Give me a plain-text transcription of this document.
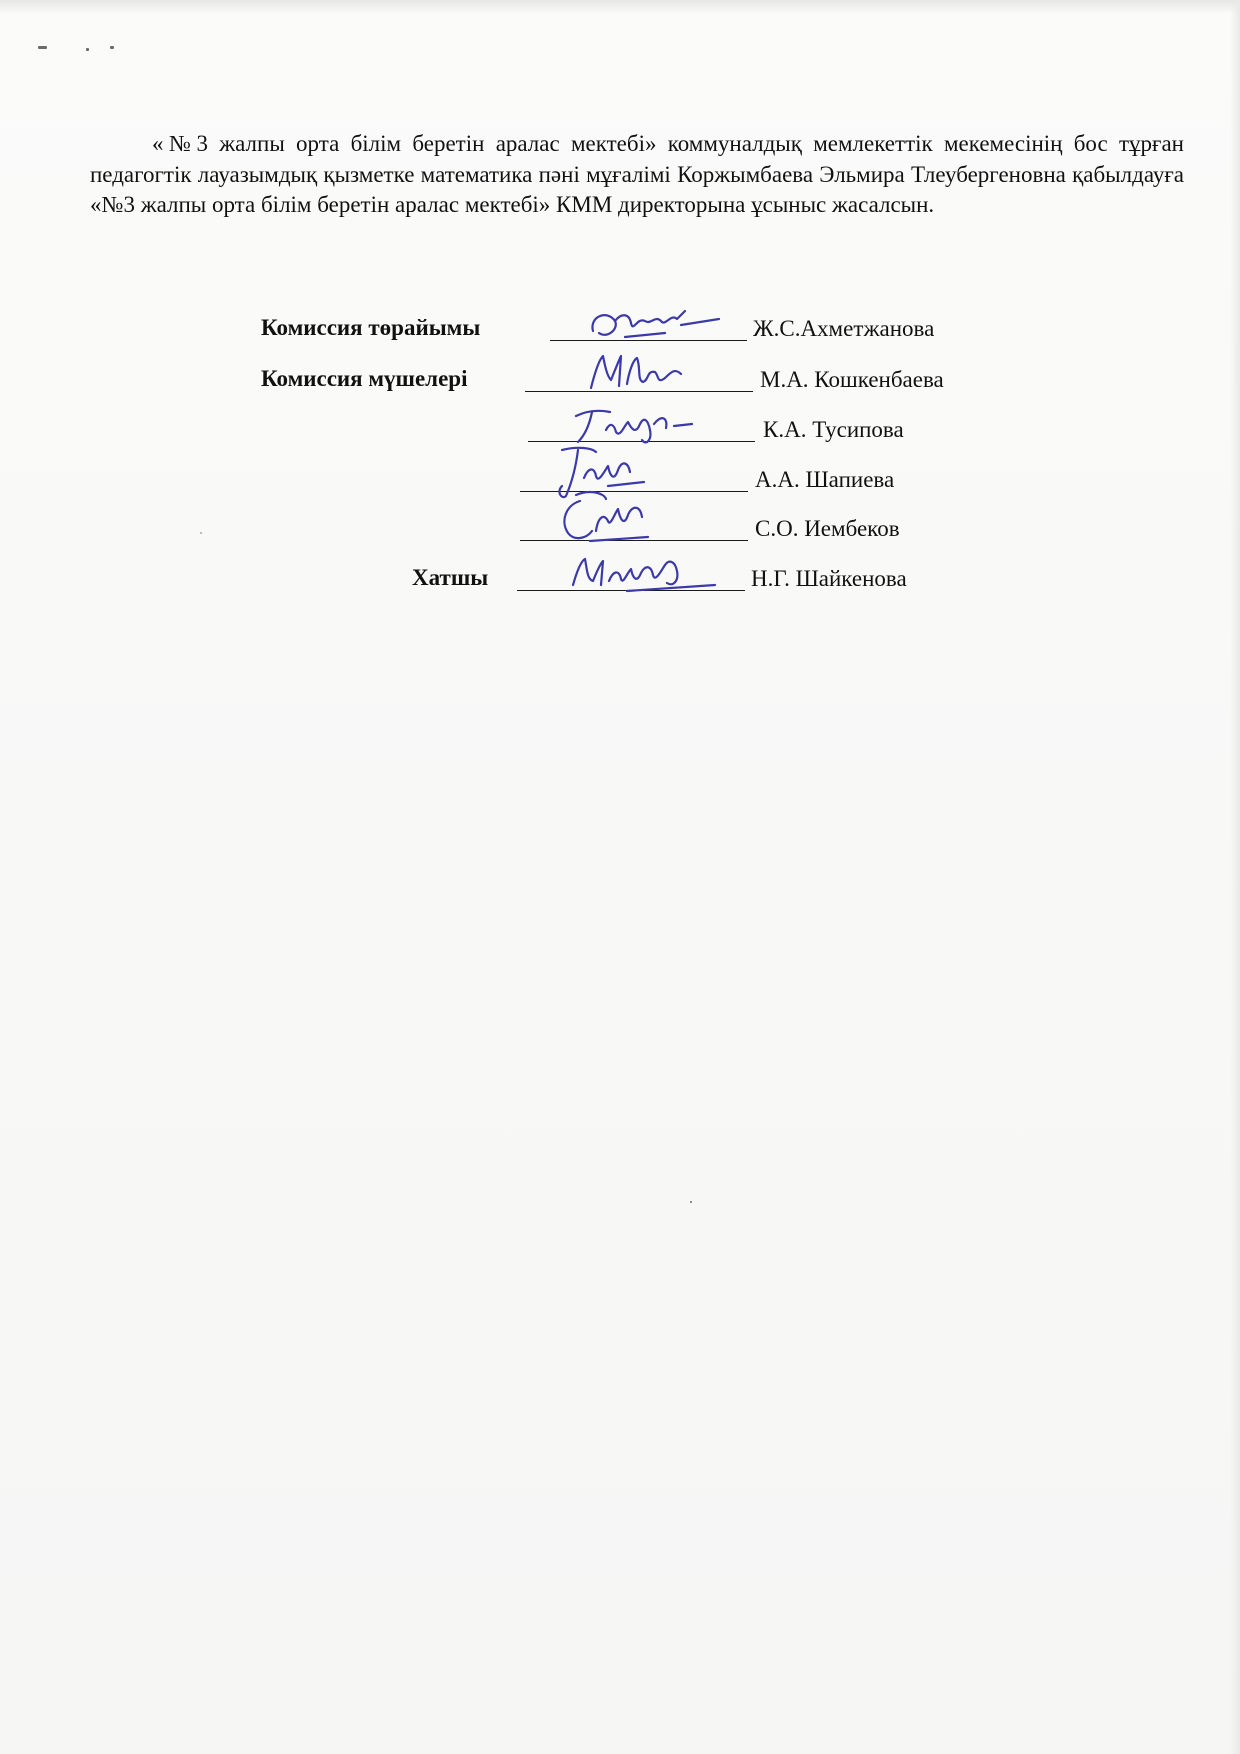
«№3 жалпы орта білім беретін аралас мектебі» коммуналдық мемлекеттік мекемесінің бос тұрған педагогтік лауазымдық қызметке математика пәні мұғалімі Коржымбаева Эльмира Тлеубергеновна қабылдауға «№3 жалпы орта білім беретін аралас мектебі» КММ директорына ұсыныс жасалсын.

Комиссия төрайымы	Ж.С.Ахметжанова
Комиссия мүшелері	М.А. Кошкенбаева
К.А. Тусипова
А.А. Шапиева
С.О. Иембеков
Хатшы	Н.Г. Шайкенова
